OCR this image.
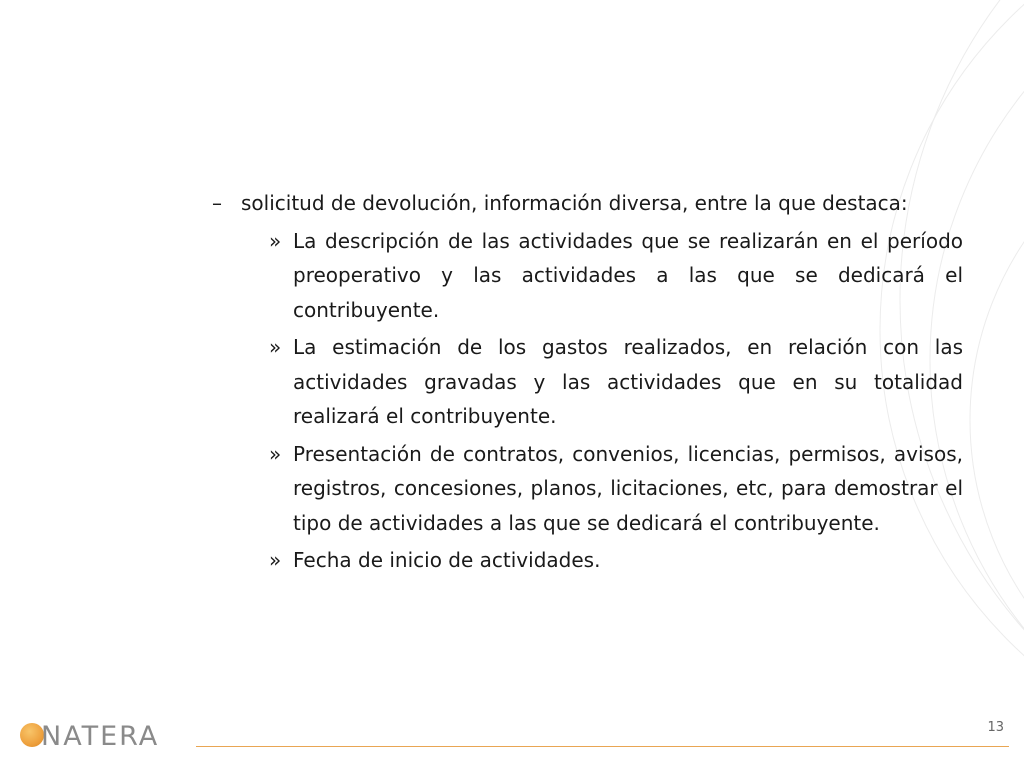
– solicitud de devolución, información diversa, entre la que destaca:
» La descripción de las actividades que se realizarán en el período preoperativo y las actividades a las que se dedicará el contribuyente.
» La estimación de los gastos realizados, en relación con las actividades gravadas y las actividades que en su totalidad realizará el contribuyente.
» Presentación de contratos, convenios, licencias, permisos, avisos, registros, concesiones, planos, licitaciones, etc, para demostrar el tipo de actividades a las que se dedicará el contribuyente.
» Fecha de inicio de actividades.
NATERA	13
